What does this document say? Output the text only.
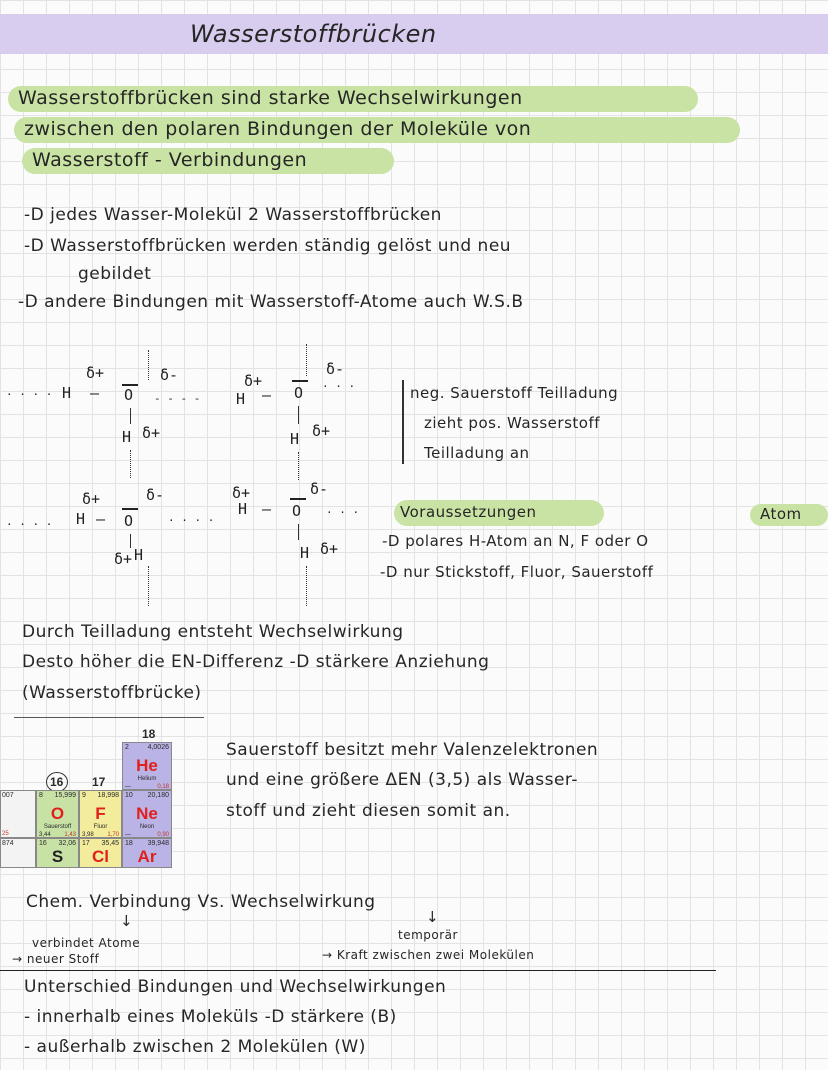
Wasserstoffbrücken
Wasserstoffbrücken sind starke Wechselwirkungen
zwischen den polaren Bindungen der Moleküle von
Wasserstoff - Verbindungen
-D jedes Wasser-Molekül 2 Wasserstoffbrücken
-D Wasserstoffbrücken werden ständig gelöst und neu
gebildet
-D andere Bindungen mit Wasserstoff-Atome auch W.S.B
δ+	δ-
· · · · H — O - - - -
H δ+
δ+
δ-
H — O · · ·
H δ+
δ+	δ-
· · · · H — O
δ+ H
· · · ·
δ+	δ-
H — O · · ·
H δ+
neg. Sauerstoff Teilladung
zieht pos. Wasserstoff
Teilladung an
Voraussetzungen	Atom
-D polares H-Atom an N, F oder O
-D nur Stickstoff, Fluor, Sauerstoff
Durch Teilladung entsteht Wechselwirkung
Desto höher die EN-Differenz -D stärkere Anziehung
(Wasserstoffbrücke)
16 17
18
007
25
874
2	4,0026
He
Helium
—	0,18
8 15,999
O
Sauerstoff
3,44 1,43
9 18,998
F
Fluor
3,98 1,70
10 20,180
Ne
Neon
—	0,90
16 32,06
S
17 35,45
Cl
18 39,948
Ar
Sauerstoff besitzt mehr Valenzelektronen
und eine größere ΔEN (3,5) als Wasser-
stoff und zieht diesen somit an.
Chem. Verbindung Vs. Wechselwirkung
↓	↓
verbindet Atome
→ neuer Stoff
temporär
→ Kraft zwischen zwei Molekülen
Unterschied Bindungen und Wechselwirkungen
- innerhalb eines Moleküls -D stärkere (B)
- außerhalb zwischen 2 Molekülen (W)
